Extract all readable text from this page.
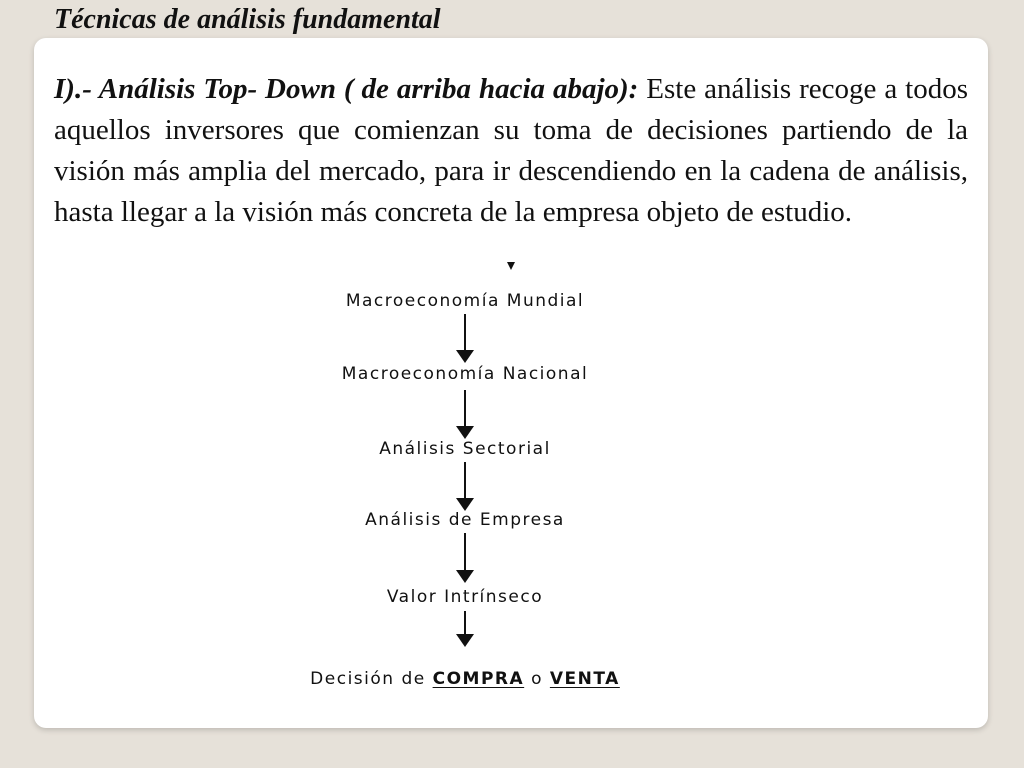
Técnicas de análisis fundamental
I).- Análisis Top- Down ( de arriba hacia abajo): Este análisis recoge a todos aquellos inversores que comienzan su toma de decisiones partiendo de la visión más amplia del mercado, para ir descendiendo en la cadena de análisis, hasta llegar a la visión más concreta de la empresa objeto de estudio.
Macroeconomía Mundial
Macroeconomía Nacional
Análisis Sectorial
Análisis de Empresa
Valor Intrínseco
Decisión de COMPRA o VENTA
